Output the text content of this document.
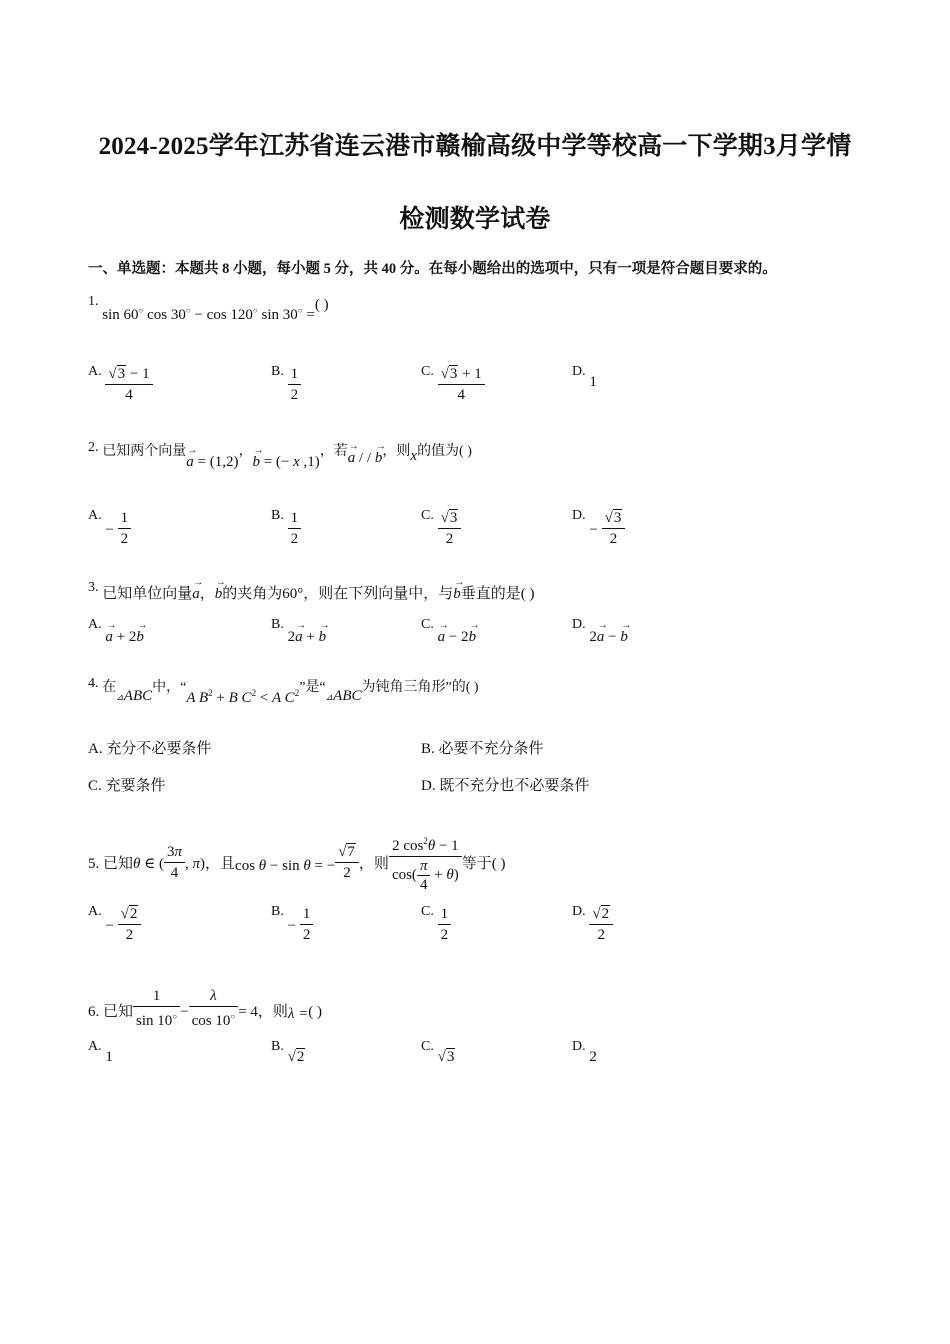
2024-2025学年江苏省连云港市赣榆高级中学等校高一下学期3月学情
检测数学试卷
一、单选题：本题共 8 小题，每小题 5 分，共 40 分。在每小题给出的选项中，只有一项是符合题目要求的。
1. sin 60○ cos 30○ − cos 120○ sin 30○ =( )
A. $\frac{√3 - 1}{4}$	B. $\frac{1}{2}$	C. $\frac{√3 + 1}{4}$	D. 1
2. 已知两个向量→ a = (1,2)，→ b = (− x ,1)，若→ a / / → b，则x的值为( )
A. − $\frac{1}{2}$	B. $\frac{1}{2}$	C. $\frac{√3}{2}$	D. − $\frac{√3}{2}$
3. 已知单位向量→ a，→ b的夹角为60°，则在下列向量中，与→ b垂直的是( )
A. → a + 2→ b
B. 2→ a + → b
C. → a − 2→ b
D. 2→ a − → b
4. 在⊿ABC中，“A $B^2 + B$ $C^2 < A$ $C^2$”是“⊿ABC为钝角三角形”的( )
A. 充分不必要条件	B. 必要不充分条件
C. 充要条件	D. 既不充分也不必要条件
5. 已知θ ∈ ( $\frac{3\pi}{4}$ , π)，且cos θ − sin θ = − $\frac{√7}{2}$ ，则 $\frac{2 \cos^2\theta - 1}{\cos( \frac{\pi}{4} + \theta)}$ 等于( )
A. − $\frac{√2}{2}$	B. − $\frac{1}{2}$	C. $\frac{1}{2}$	D. $\frac{√2}{2}$
6. 已知 $\frac{1}{\sin 10^○} - \frac{\lambda}{\cos 10^○} = 4$，则λ =( )
A. 1
B. √2
C. √3
D. 2
